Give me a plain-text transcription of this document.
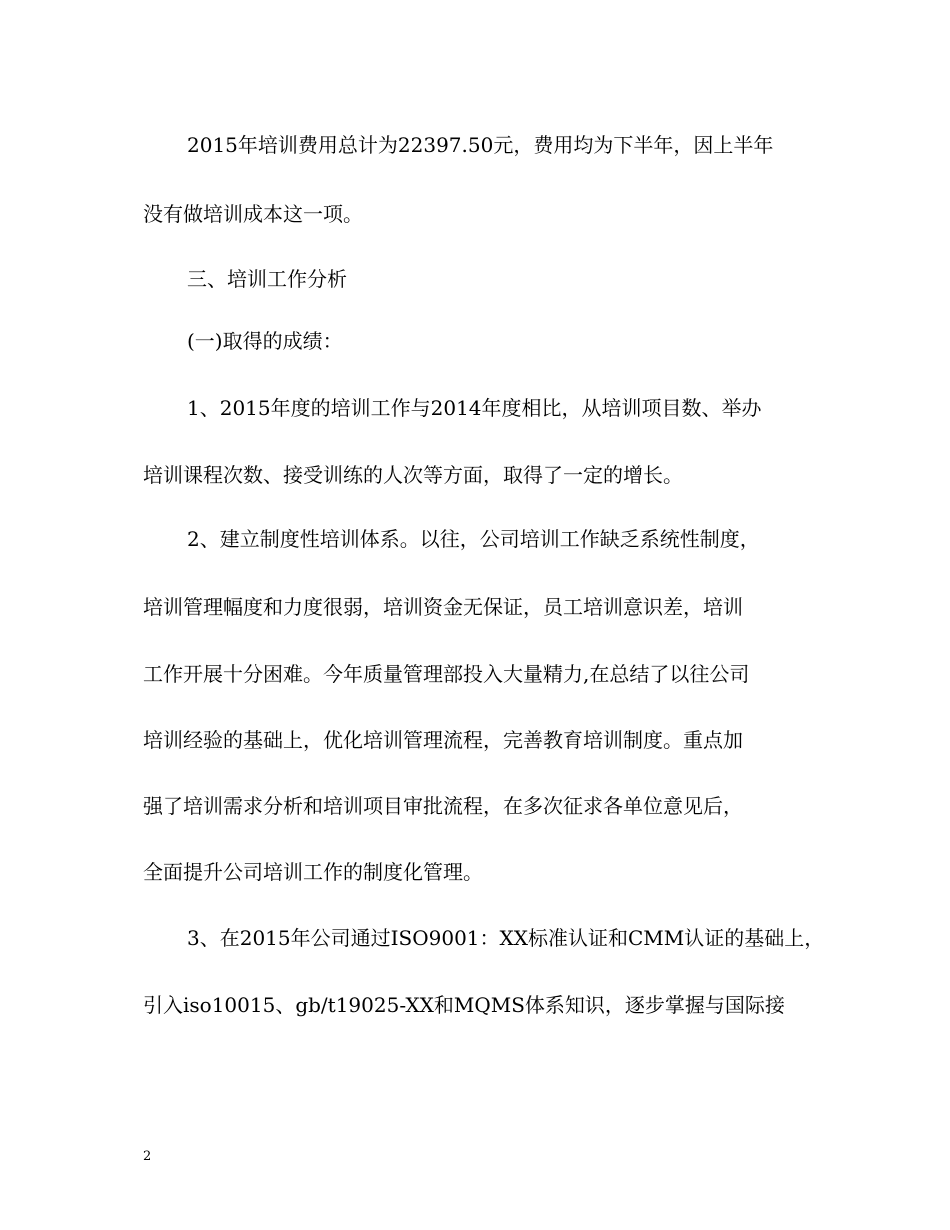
2015年培训费用总计为22397.50元，费用均为下半年，因上半年
没有做培训成本这一项。
三、培训工作分析
(一)取得的成绩：
1、2015年度的培训工作与2014年度相比，从培训项目数、举办
培训课程次数、接受训练的人次等方面，取得了一定的增长。
2、建立制度性培训体系。以往，公司培训工作缺乏系统性制度，
培训管理幅度和力度很弱，培训资金无保证，员工培训意识差，培训
工作开展十分困难。今年质量管理部投入大量精力,在总结了以往公司
培训经验的基础上，优化培训管理流程，完善教育培训制度。重点加
强了培训需求分析和培训项目审批流程，在多次征求各单位意见后，
全面提升公司培训工作的制度化管理。
3、在2015年公司通过ISO9001：XX标准认证和CMM认证的基础上，
引入iso10015、gb/t19025-XX和MQMS体系知识，逐步掌握与国际接
2
